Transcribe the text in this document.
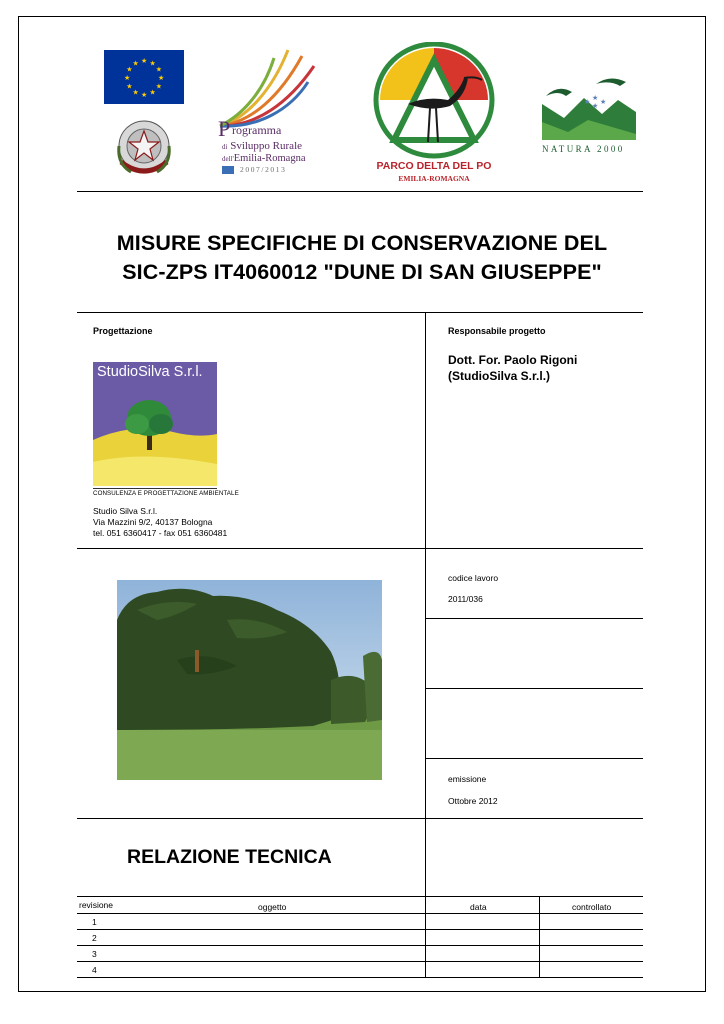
★ ★
★
★
★
★
★
★
★
★
★
★
P rogramma
di Sviluppo Rurale
dell'Emilia-Romagna
2007/2013	PARCO DELTA DEL PO
EMILIA-ROMAGNA
★
★
★
★
NATURA 2000
MISURE SPECIFICHE DI CONSERVAZIONE DEL
SIC-ZPS IT4060012 "DUNE DI SAN GIUSEPPE"
Progettazione
StudioSilva S.r.l.
CONSULENZA E PROGETTAZIONE AMBIENTALE
Studio Silva S.r.l.
Via Mazzini 9/2, 40137 Bologna
tel. 051 6360417 - fax 051 6360481
Responsabile progetto
Dott. For. Paolo Rigoni
(StudioSilva S.r.l.)
codice lavoro
2011/036
emissione
Ottobre 2012
RELAZIONE TECNICA
revisione	oggetto	data	controllato
1
2
3
4
